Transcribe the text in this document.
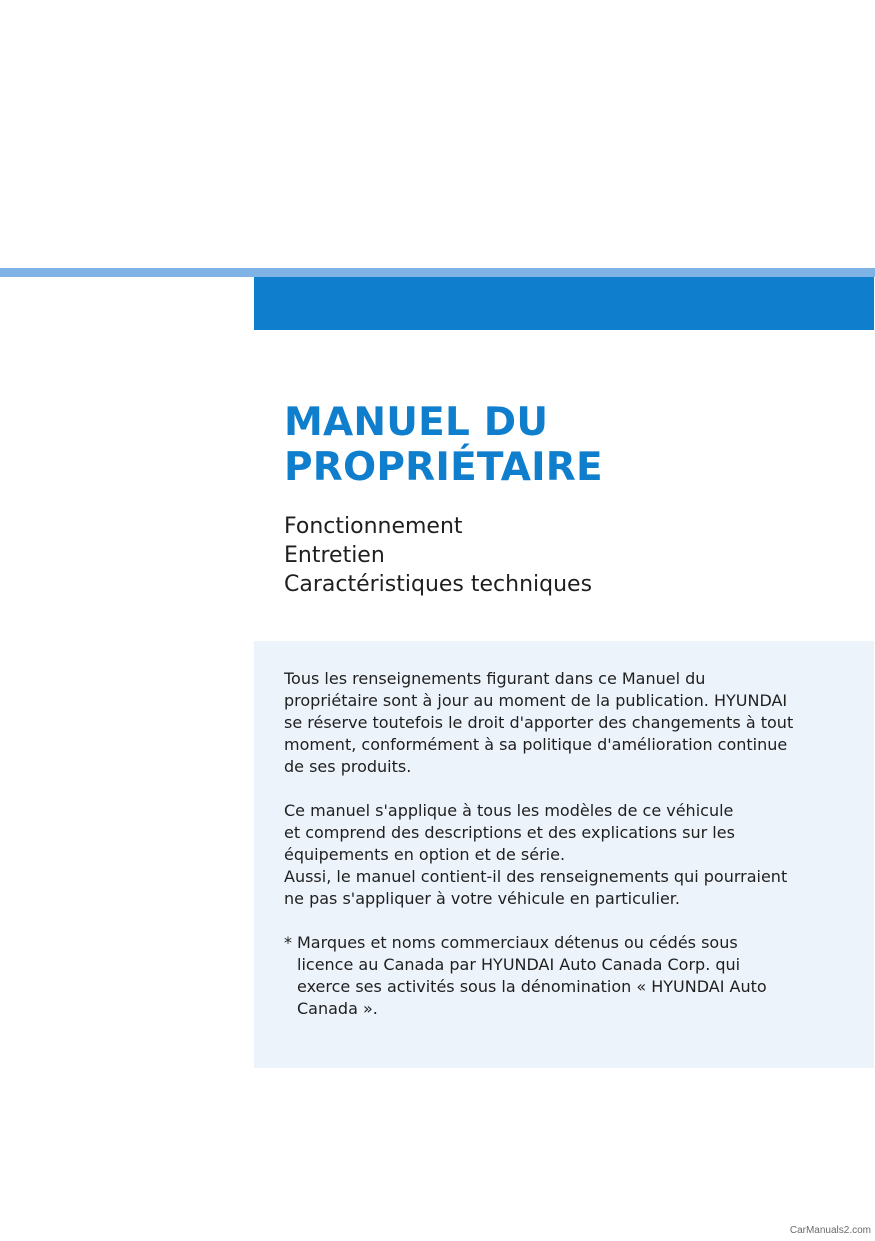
MANUEL DU
PROPRIÉTAIRE
Fonctionnement
Entretien
Caractéristiques techniques

Tous les renseignements figurant dans ce Manuel du
propriétaire sont à jour au moment de la publication. HYUNDAI
se réserve toutefois le droit d'apporter des changements à tout
moment, conformément à sa politique d'amélioration continue
de ses produits.

Ce manuel s'applique à tous les modèles de ce véhicule
et comprend des descriptions et des explications sur les
équipements en option et de série.
Aussi, le manuel contient-il des renseignements qui pourraient
ne pas s'appliquer à votre véhicule en particulier.

* Marques et noms commerciaux détenus ou cédés sous
licence au Canada par HYUNDAI Auto Canada Corp. qui
exerce ses activités sous la dénomination « HYUNDAI Auto
Canada ».
CarManuals2.com
